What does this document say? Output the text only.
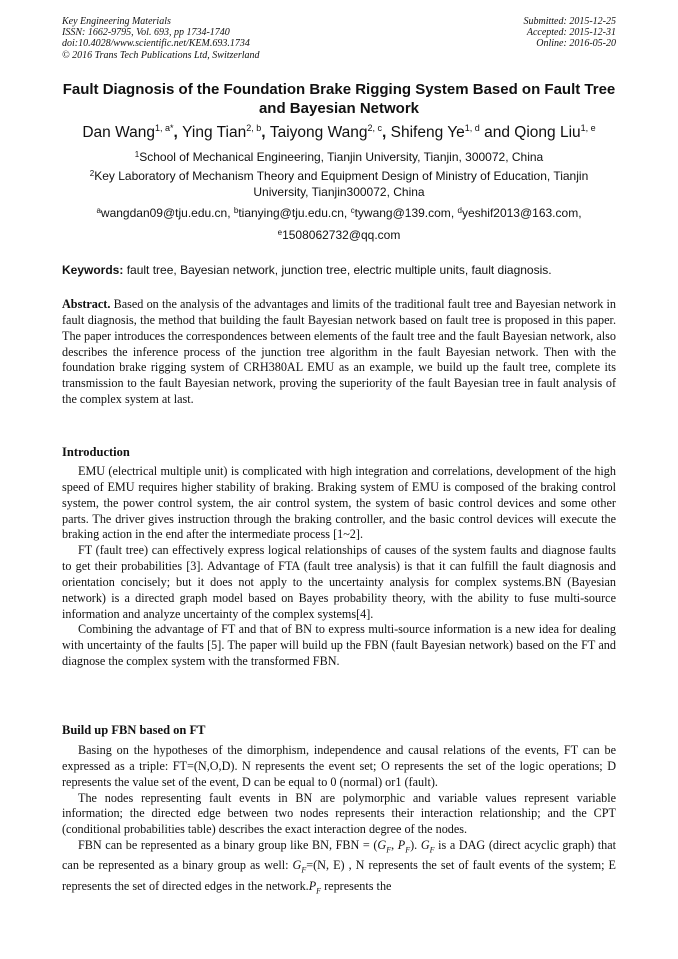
Key Engineering Materials
ISSN: 1662-9795, Vol. 693, pp 1734-1740
doi:10.4028/www.scientific.net/KEM.693.1734
© 2016 Trans Tech Publications Ltd, Switzerland
Submitted: 2015-12-25
Accepted: 2015-12-31
Online: 2016-05-20
Fault Diagnosis of the Foundation Brake Rigging System Based on Fault Tree and Bayesian Network
Dan Wang$^{1, a*}$, Ying Tian$^{2, b}$, Taiyong Wang$^{2, c}$, Shifeng Ye$^{1, d}$ and Qiong Liu$^{1, e}$
$^1$School of Mechanical Engineering, Tianjin University, Tianjin, 300072, China
$^2$Key Laboratory of Mechanism Theory and Equipment Design of Ministry of Education, Tianjin University, Tianjin300072, China
$^a$wangdan09@tju.edu.cn, $^b$tianying@tju.edu.cn, $^c$tywang@139.com, $^d$yeshif2013@163.com,
$^e$1508062732@qq.com
Keywords: fault tree, Bayesian network, junction tree, electric multiple units, fault diagnosis.

Abstract. Based on the analysis of the advantages and limits of the traditional fault tree and Bayesian network in fault diagnosis, the method that building the fault Bayesian network based on fault tree is proposed in this paper. The paper introduces the correspondences between elements of the fault tree and the fault Bayesian network, also describes the inference process of the junction tree algorithm in the fault Bayesian network. Then with the foundation brake rigging system of CRH380AL EMU as an example, we build up the fault tree, complete its transmission to the fault Bayesian network, proving the superiority of the fault Bayesian tree in fault analysis of the complex system at last.

Introduction

EMU (electrical multiple unit) is complicated with high integration and correlations, development of the high speed of EMU requires higher stability of braking. Braking system of EMU is composed of the braking control system, the power control system, the air control system, the system of basic control devices and some other parts. The driver gives instruction through the braking controller, and the basic control devices will execute the braking action in the end after the intermediate process [1~2].

FT (fault tree) can effectively express logical relationships of causes of the system faults and diagnose faults to get their probabilities [3]. Advantage of FTA (fault tree analysis) is that it can fulfill the fault diagnosis and orientation concisely; but it does not apply to the uncertainty analysis for complex systems.BN (Bayesian network) is a directed graph model based on Bayes probability theory, with the ability to fuse multi-source information and analyze uncertainty of the complex systems[4].

Combining the advantage of FT and that of BN to express multi-source information is a new idea for dealing with uncertainty of the faults [5]. The paper will build up the FBN (fault Bayesian network) based on the FT and diagnose the complex system with the transformed FBN.

Build up FBN based on FT

Basing on the hypotheses of the dimorphism, independence and causal relations of the events, FT can be expressed as a triple: FT=(N,O,D). N represents the event set; O represents the set of the logic operations; D represents the value set of the event, D can be equal to 0 (normal) or1 (fault).

The nodes representing fault events in BN are polymorphic and variable values represent variable information; the directed edge between two nodes represents their interaction relationship; and the CPT (conditional probabilities table) describes the exact interaction degree of the nodes.

FBN can be represented as a binary group like BN, FBN = ($G_F$, $P_F$). $G_F$ is a DAG (direct acyclic graph) that can be represented as a binary group as well: $G_F=(N$, E) , N represents the set of fault events of the system; E represents the set of directed edges in the $network.P_F$ represents the
